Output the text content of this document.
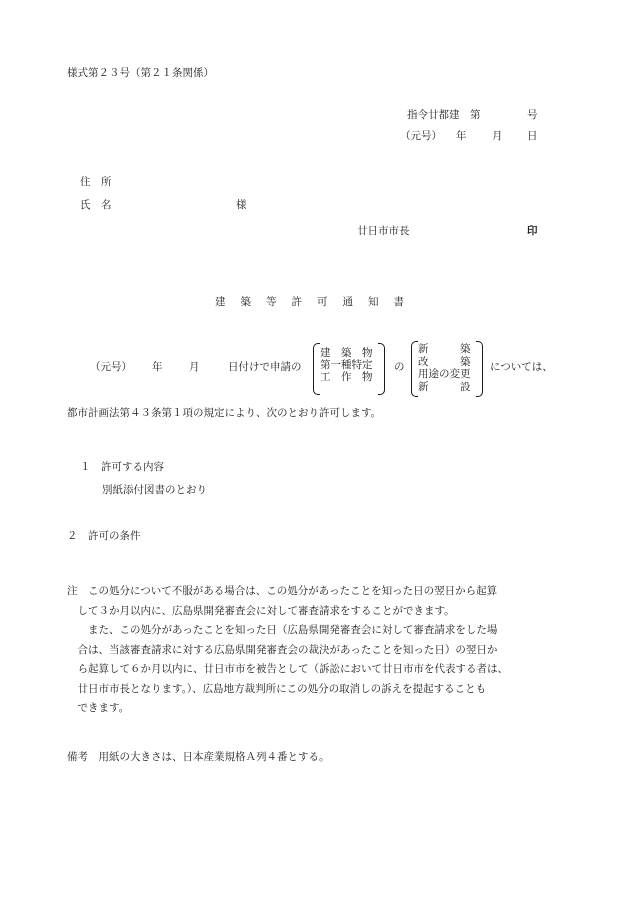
様式第２３号（第２１条関係）
指令廿都建　第	号
（元号） 年 月 日
住　所
氏　名	様
廿日市市長	印
建築等許可通知書
（元号） 年	月	日付けで申請の
建　築　物
第一種特定
工　作　物
の
新　　　築
改　　　築
用途の変更
新　　　設
については、
都市計画法第４３条第１項の規定により、次のとおり許可します。
１　許可する内容
別紙添付図書のとおり
２　許可の条件

注　この処分について不服がある場合は、この処分があったことを知った日の翌日から起算

　して３か月以内に、広島県開発審査会に対して審査請求をすることができます。

　　また、この処分があったことを知った日（広島県開発審査会に対して審査請求をした場

　合は、当該審査請求に対する広島県開発審査会の裁決があったことを知った日）の翌日か

　ら起算して６か月以内に、廿日市市を被告として（訴訟において廿日市市を代表する者は、

　廿日市市長となります。）、広島地方裁判所にこの処分の取消しの訴えを提起することも

　できます。

備考　用紙の大きさは、日本産業規格Ａ列４番とする。
